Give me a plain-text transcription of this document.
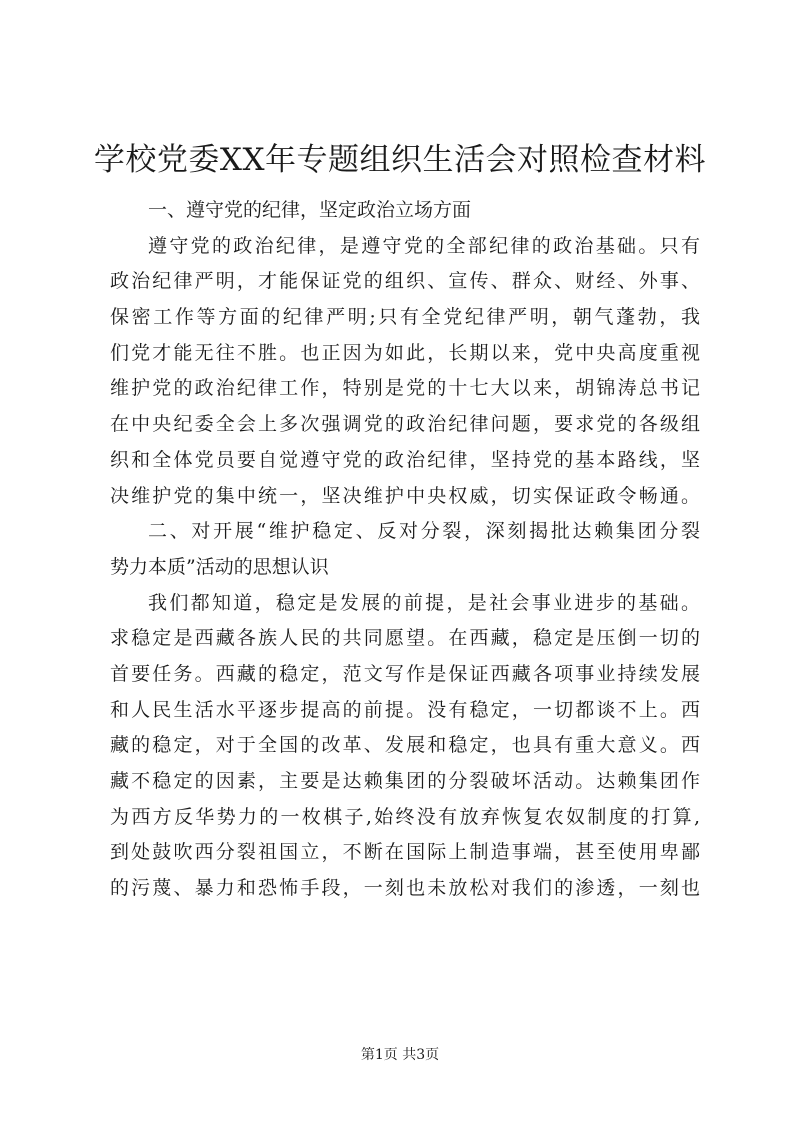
学校党委XX年专题组织生活会对照检查材料
一、遵守党的纪律，坚定政治立场方面
遵守党的政治纪律，是遵守党的全部纪律的政治基础。只有
政治纪律严明，才能保证党的组织、宣传、群众、财经、外事、
保密工作等方面的纪律严明;只有全党纪律严明，朝气蓬勃，我
们党才能无往不胜。也正因为如此，长期以来，党中央高度重视
维护党的政治纪律工作，特别是党的十七大以来，胡锦涛总书记
在中央纪委全会上多次强调党的政治纪律问题，要求党的各级组
织和全体党员要自觉遵守党的政治纪律，坚持党的基本路线，坚
决维护党的集中统一，坚决维护中央权威，切实保证政令畅通。
二、对开展“维护稳定、反对分裂，深刻揭批达赖集团分裂
势力本质”活动的思想认识
我们都知道，稳定是发展的前提，是社会事业进步的基础。
求稳定是西藏各族人民的共同愿望。在西藏，稳定是压倒一切的
首要任务。西藏的稳定，范文写作是保证西藏各项事业持续发展
和人民生活水平逐步提高的前提。没有稳定，一切都谈不上。西
藏的稳定，对于全国的改革、发展和稳定，也具有重大意义。西
藏不稳定的因素，主要是达赖集团的分裂破坏活动。达赖集团作
为西方反华势力的一枚棋子,始终没有放弃恢复农奴制度的打算,
到处鼓吹西分裂祖国立，不断在国际上制造事端，甚至使用卑鄙
的污蔑、暴力和恐怖手段，一刻也未放松对我们的渗透，一刻也
第1页 共3页
